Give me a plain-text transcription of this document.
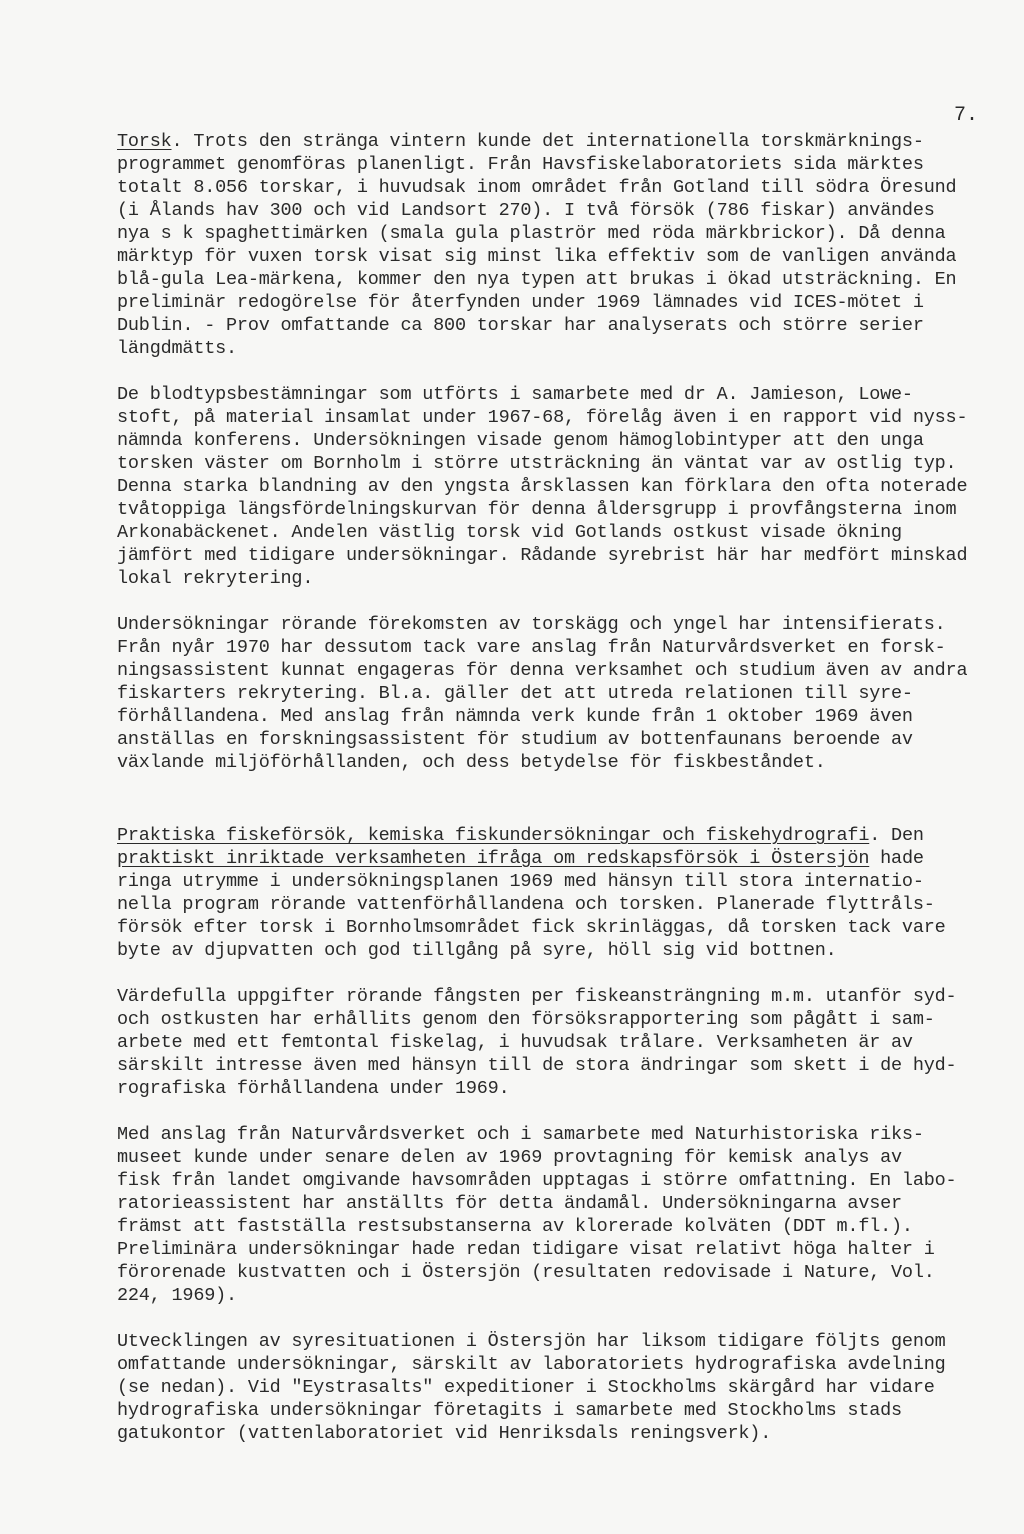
7.

Torsk. Trots den stränga vintern kunde det internationella torskmärknings-
programmet genomföras planenligt. Från Havsfiskelaboratoriets sida märktes
totalt 8.056 torskar, i huvudsak inom området från Gotland till södra Öresund
(i Ålands hav 300 och vid Landsort 270). I två försök (786 fiskar) användes
nya s k spaghettimärken (smala gula plaströr med röda märkbrickor). Då denna
märktyp för vuxen torsk visat sig minst lika effektiv som de vanligen använda
blå-gula Lea-märkena, kommer den nya typen att brukas i ökad utsträckning. En
preliminär redogörelse för återfynden under 1969 lämnades vid ICES-mötet i
Dublin. - Prov omfattande ca 800 torskar har analyserats och större serier
längdmätts.

De blodtypsbestämningar som utförts i samarbete med dr A. Jamieson, Lowe-
stoft, på material insamlat under 1967-68, förelåg även i en rapport vid nyss-
nämnda konferens. Undersökningen visade genom hämoglobintyper att den unga
torsken väster om Bornholm i större utsträckning än väntat var av ostlig typ.
Denna starka blandning av den yngsta årsklassen kan förklara den ofta noterade
tvåtoppiga längsfördelningskurvan för denna åldersgrupp i provfångsterna inom
Arkonabäckenet. Andelen västlig torsk vid Gotlands ostkust visade ökning
jämfört med tidigare undersökningar. Rådande syrebrist här har medfört minskad
lokal rekrytering.

Undersökningar rörande förekomsten av torskägg och yngel har intensifierats.
Från nyår 1970 har dessutom tack vare anslag från Naturvårdsverket en forsk-
ningsassistent kunnat engageras för denna verksamhet och studium även av andra
fiskarters rekrytering. Bl.a. gäller det att utreda relationen till syre-
förhållandena. Med anslag från nämnda verk kunde från 1 oktober 1969 även
anställas en forskningsassistent för studium av bottenfaunans beroende av
växlande miljöförhållanden, och dess betydelse för fiskbeståndet.

Praktiska fiskeförsök, kemiska fiskundersökningar och fiskehydrografi. Den
praktiskt inriktade verksamheten ifråga om redskapsförsök i Östersjön hade
ringa utrymme i undersökningsplanen 1969 med hänsyn till stora internatio-
nella program rörande vattenförhållandena och torsken. Planerade flyttråls-
försök efter torsk i Bornholmsområdet fick skrinläggas, då torsken tack vare
byte av djupvatten och god tillgång på syre, höll sig vid bottnen.

Värdefulla uppgifter rörande fångsten per fiskeansträngning m.m. utanför syd-
och ostkusten har erhållits genom den försöksrapportering som pågått i sam-
arbete med ett femtontal fiskelag, i huvudsak trålare. Verksamheten är av
särskilt intresse även med hänsyn till de stora ändringar som skett i de hyd-
rografiska förhållandena under 1969.

Med anslag från Naturvårdsverket och i samarbete med Naturhistoriska riks-
museet kunde under senare delen av 1969 provtagning för kemisk analys av
fisk från landet omgivande havsområden upptagas i större omfattning. En labo-
ratorieassistent har anställts för detta ändamål. Undersökningarna avser
främst att fastställa restsubstanserna av klorerade kolväten (DDT m.fl.).
Preliminära undersökningar hade redan tidigare visat relativt höga halter i
förorenade kustvatten och i Östersjön (resultaten redovisade i Nature, Vol.
224, 1969).

Utvecklingen av syresituationen i Östersjön har liksom tidigare följts genom
omfattande undersökningar, särskilt av laboratoriets hydrografiska avdelning
(se nedan). Vid "Eystrasalts" expeditioner i Stockholms skärgård har vidare
hydrografiska undersökningar företagits i samarbete med Stockholms stads
gatukontor (vattenlaboratoriet vid Henriksdals reningsverk).
